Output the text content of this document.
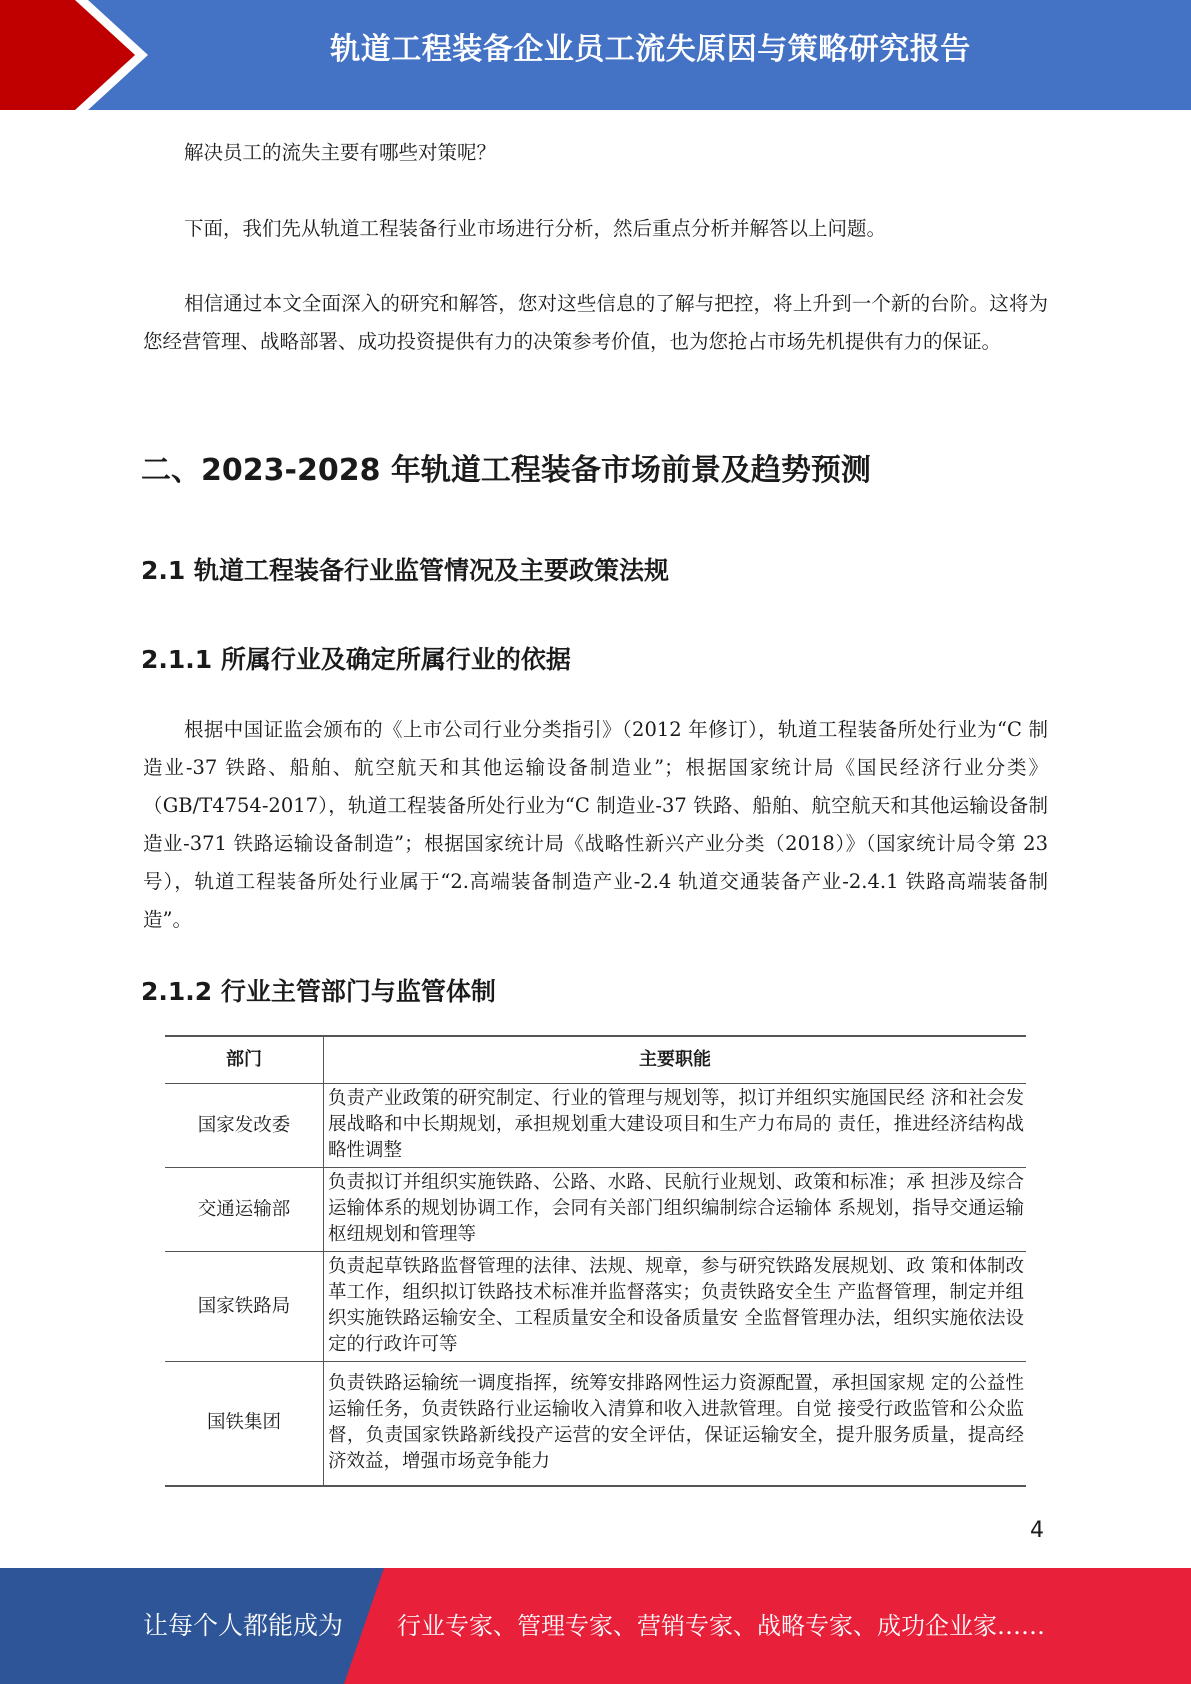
轨道工程装备企业员工流失原因与策略研究报告

解决员工的流失主要有哪些对策呢？

下面，我们先从轨道工程装备行业市场进行分析，然后重点分析并解答以上问题。

相信通过本文全面深入的研究和解答，您对这些信息的了解与把控，将上升到一个新的台阶。这将为您经营管理、战略部署、成功投资提供有力的决策参考价值，也为您抢占市场先机提供有力的保证。

二、2023-2028 年轨道工程装备市场前景及趋势预测
2.1 轨道工程装备行业监管情况及主要政策法规
2.1.1 所属行业及确定所属行业的依据

根据中国证监会颁布的《上市公司行业分类指引》（2012 年修订），轨道工程装备所处行业为“C 制造业-37 铁路、船舶、航空航天和其他运输设备制造业”；根据国家统计局《国民经济行业分类》（GB/T4754-2017），轨道工程装备所处行业为“C 制造业-37 铁路、船舶、航空航天和其他运输设备制造业-371 铁路运输设备制造”；根据国家统计局《战略性新兴产业分类（2018）》（国家统计局令第 23 号），轨道工程装备所处行业属于“2.高端装备制造产业-2.4 轨道交通装备产业-2.4.1 铁路高端装备制造”。

2.1.2 行业主管部门与监管体制
部门	主要职能
国家发改委	负责产业政策的研究制定、行业的管理与规划等，拟订并组织实施国民经 济和社会发展战略和中长期规划，承担规划重大建设项目和生产力布局的 责任，推进经济结构战略性调整
交通运输部	负责拟订并组织实施铁路、公路、水路、民航行业规划、政策和标准；承 担涉及综合运输体系的规划协调工作，会同有关部门组织编制综合运输体 系规划，指导交通运输枢纽规划和管理等
国家铁路局	负责起草铁路监督管理的法律、法规、规章，参与研究铁路发展规划、政 策和体制改革工作，组织拟订铁路技术标准并监督落实；负责铁路安全生 产监督管理，制定并组织实施铁路运输安全、工程质量安全和设备质量安 全监督管理办法，组织实施依法设定的行政许可等
国铁集团	负责铁路运输统一调度指挥，统筹安排路网性运力资源配置，承担国家规 定的公益性运输任务，负责铁路行业运输收入清算和收入进款管理。自觉 接受行政监管和公众监督，负责国家铁路新线投产运营的安全评估，保证运输安全，提升服务质量，提高经济效益，增强市场竞争能力
4
让每个人都能成为 行业专家、管理专家、营销专家、战略专家、成功企业家……
